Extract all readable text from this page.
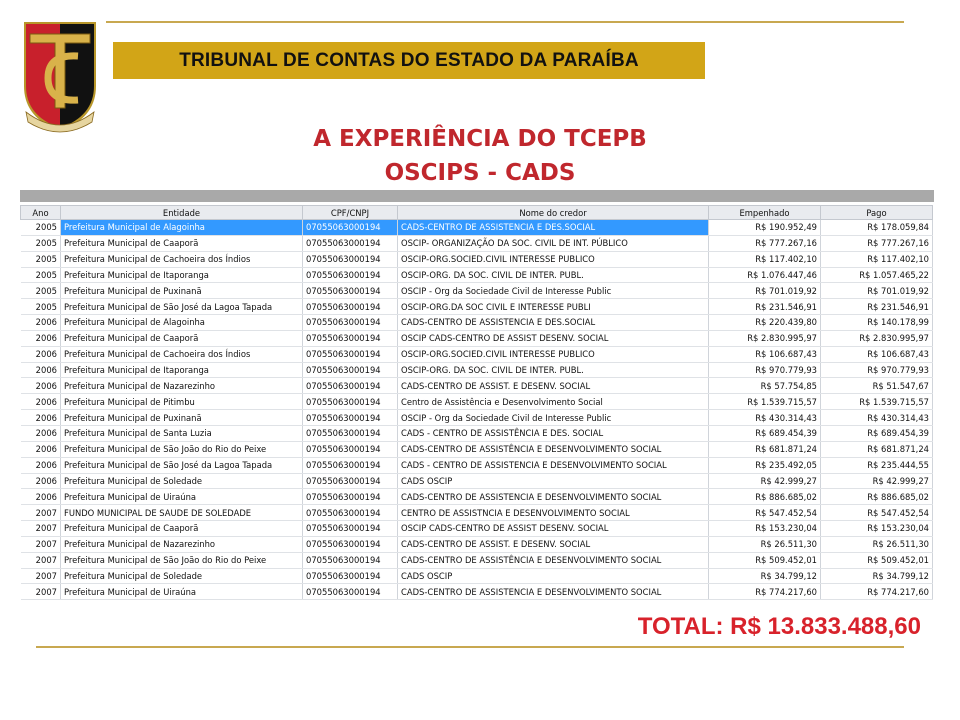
TRIBUNAL DE CONTAS DO ESTADO DA PARAÍBA
A EXPERIÊNCIA DO TCEPB
OSCIPS - CADS
Ano	Entidade	CPF/CNPJ	Nome do credor	Empenhado	Pago
2005	Prefeitura Municipal de Alagoinha	07055063000194	CADS-CENTRO DE ASSISTENCIA E DES.SOCIAL	R$ 190.952,49	R$ 178.059,84
2005	Prefeitura Municipal de Caaporã	07055063000194	OSCIP- ORGANIZAÇÃO DA SOC. CIVIL DE INT. PÚBLICO	R$ 777.267,16	R$ 777.267,16
2005	Prefeitura Municipal de Cachoeira dos Índios	07055063000194	OSCIP-ORG.SOCIED.CIVIL INTERESSE PUBLICO	R$ 117.402,10	R$ 117.402,10
2005	Prefeitura Municipal de Itaporanga	07055063000194	OSCIP-ORG. DA SOC. CIVIL DE INTER. PUBL.	R$ 1.076.447,46	R$ 1.057.465,22
2005	Prefeitura Municipal de Puxinanã	07055063000194	OSCIP - Org da Sociedade Civil de Interesse Public	R$ 701.019,92	R$ 701.019,92
2005	Prefeitura Municipal de São José da Lagoa Tapada	07055063000194	OSCIP-ORG.DA SOC CIVIL E INTERESSE PUBLI	R$ 231.546,91	R$ 231.546,91
2006	Prefeitura Municipal de Alagoinha	07055063000194	CADS-CENTRO DE ASSISTENCIA E DES.SOCIAL	R$ 220.439,80	R$ 140.178,99
2006	Prefeitura Municipal de Caaporã	07055063000194	OSCIP CADS-CENTRO DE ASSIST DESENV. SOCIAL	R$ 2.830.995,97	R$ 2.830.995,97
2006	Prefeitura Municipal de Cachoeira dos Índios	07055063000194	OSCIP-ORG.SOCIED.CIVIL INTERESSE PUBLICO	R$ 106.687,43	R$ 106.687,43
2006	Prefeitura Municipal de Itaporanga	07055063000194	OSCIP-ORG. DA SOC. CIVIL DE INTER. PUBL.	R$ 970.779,93	R$ 970.779,93
2006	Prefeitura Municipal de Nazarezinho	07055063000194	CADS-CENTRO DE ASSIST. E DESENV. SOCIAL	R$ 57.754,85	R$ 51.547,67
2006	Prefeitura Municipal de Pitimbu	07055063000194	Centro de Assistência e Desenvolvimento Social	R$ 1.539.715,57	R$ 1.539.715,57
2006	Prefeitura Municipal de Puxinanã	07055063000194	OSCIP - Org da Sociedade Civil de Interesse Public	R$ 430.314,43	R$ 430.314,43
2006	Prefeitura Municipal de Santa Luzia	07055063000194	CADS - CENTRO DE ASSISTÊNCIA E DES. SOCIAL	R$ 689.454,39	R$ 689.454,39
2006	Prefeitura Municipal de São João do Rio do Peixe	07055063000194	CADS-CENTRO DE ASSISTÊNCIA E DESENVOLVIMENTO SOCIAL	R$ 681.871,24	R$ 681.871,24
2006	Prefeitura Municipal de São José da Lagoa Tapada	07055063000194	CADS - CENTRO DE ASSISTENCIA E DESENVOLVIMENTO SOCIAL	R$ 235.492,05	R$ 235.444,55
2006	Prefeitura Municipal de Soledade	07055063000194	CADS OSCIP	R$ 42.999,27	R$ 42.999,27
2006	Prefeitura Municipal de Uiraúna	07055063000194	CADS-CENTRO DE ASSISTENCIA E DESENVOLVIMENTO SOCIAL	R$ 886.685,02	R$ 886.685,02
2007	FUNDO MUNICIPAL DE SAUDE DE SOLEDADE	07055063000194	CENTRO DE ASSISTNCIA E DESENVOLVIMENTO SOCIAL	R$ 547.452,54	R$ 547.452,54
2007	Prefeitura Municipal de Caaporã	07055063000194	OSCIP CADS-CENTRO DE ASSIST DESENV. SOCIAL	R$ 153.230,04	R$ 153.230,04
2007	Prefeitura Municipal de Nazarezinho	07055063000194	CADS-CENTRO DE ASSIST. E DESENV. SOCIAL	R$ 26.511,30	R$ 26.511,30
2007	Prefeitura Municipal de São João do Rio do Peixe	07055063000194	CADS-CENTRO DE ASSISTÊNCIA E DESENVOLVIMENTO SOCIAL	R$ 509.452,01	R$ 509.452,01
2007	Prefeitura Municipal de Soledade	07055063000194	CADS OSCIP	R$ 34.799,12	R$ 34.799,12
2007	Prefeitura Municipal de Uiraúna	07055063000194	CADS-CENTRO DE ASSISTENCIA E DESENVOLVIMENTO SOCIAL	R$ 774.217,60	R$ 774.217,60
TOTAL: R$ 13.833.488,60
